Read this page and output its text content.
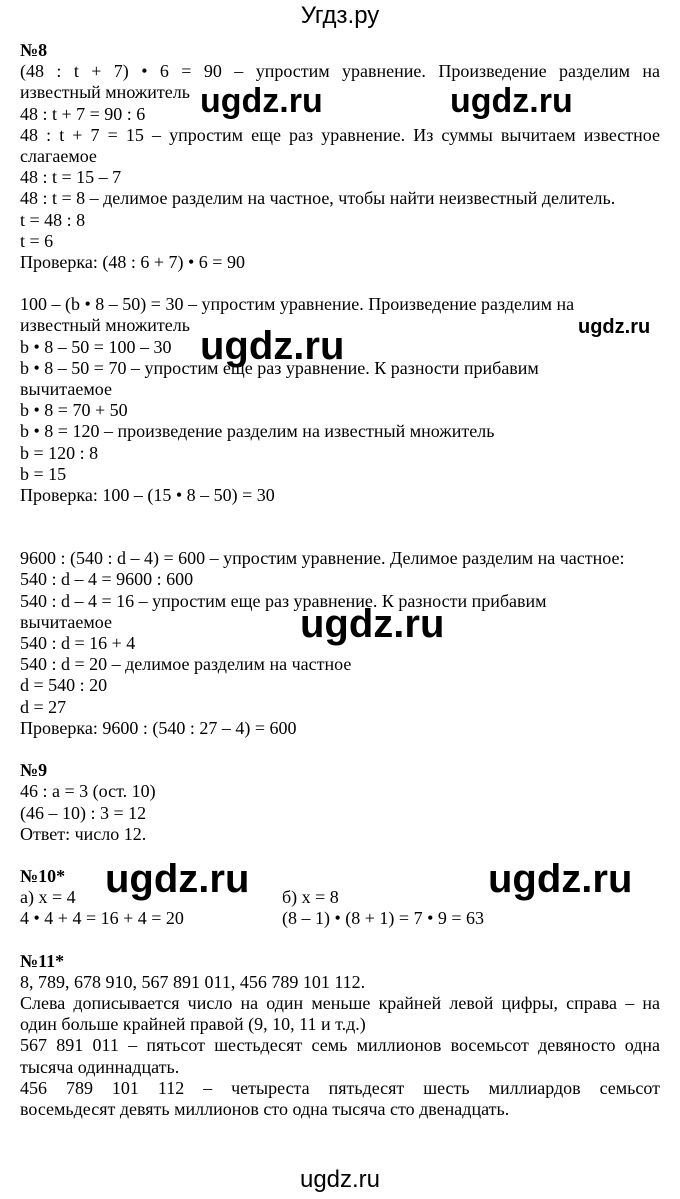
Угдз.ру
№8
(48 : t + 7) • 6 = 90 – упростим уравнение. Произведение разделим на
известный множитель
48 : t + 7 = 90 : 6
48 : t + 7 = 15 – упростим еще раз уравнение. Из суммы вычитаем известное
слагаемое
48 : t = 15 – 7
48 : t = 8 – делимое разделим на частное, чтобы найти неизвестный делитель.
t = 48 : 8
t = 6
Проверка: (48 : 6 + 7) • 6 = 90
100 – (b • 8 – 50) = 30 – упростим уравнение. Произведение разделим на
известный множитель
b • 8 – 50 = 100 – 30
b • 8 – 50 = 70 – упростим еще раз уравнение. К разности прибавим
вычитаемое
b • 8 = 70 + 50
b • 8 = 120 – произведение разделим на известный множитель
b = 120 : 8
b = 15
Проверка: 100 – (15 • 8 – 50) = 30
9600 : (540 : d – 4) = 600 – упростим уравнение. Делимое разделим на частное:
540 : d – 4 = 9600 : 600
540 : d – 4 = 16 – упростим еще раз уравнение. К разности прибавим
вычитаемое
540 : d = 16 + 4
540 : d = 20 – делимое разделим на частное
d = 540 : 20
d = 27
Проверка: 9600 : (540 : 27 – 4) = 600
№9
46 : a = 3 (ост. 10)
(46 – 10) : 3 = 12
Ответ: число 12.
№10*
а) x = 4
4 • 4 + 4 = 16 + 4 = 20
б) x = 8
(8 – 1) • (8 + 1) = 7 • 9 = 63
№11*
8, 789, 678 910, 567 891 011, 456 789 101 112.
Слева дописывается число на один меньше крайней левой цифры, справа – на
один больше крайней правой (9, 10, 11 и т.д.)
567 891 011 – пятьсот шестьдесят семь миллионов восемьсот девяносто одна
тысяча одиннадцать.
456 789 101 112 – четыреста пятьдесят шесть миллиардов семьсот
восемьдесят девять миллионов сто одна тысяча сто двенадцать.
ugdz.ru	ugdz.ru
ugdz.ru
ugdz.ru
ugdz.ru
ugdz.ru	ugdz.ru
ugdz.ru
